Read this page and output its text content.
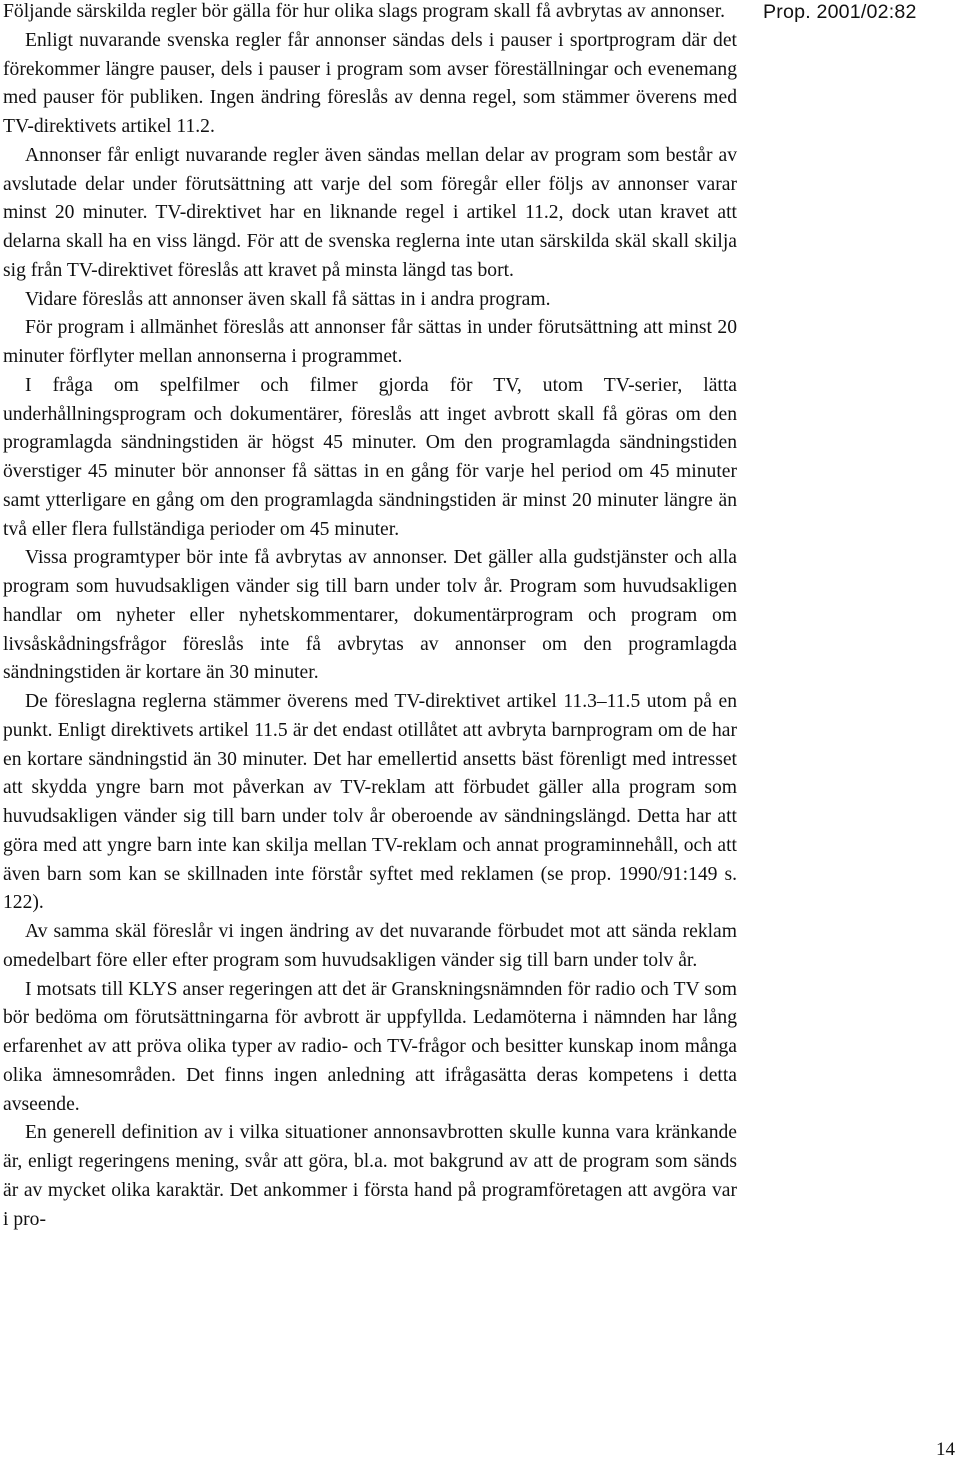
Följande särskilda regler bör gälla för hur olika slags program skall få avbrytas av annonser.

Enligt nuvarande svenska regler får annonser sändas dels i pauser i sportprogram där det förekommer längre pauser, dels i pauser i program som avser föreställningar och evenemang med pauser för publiken. Ingen ändring föreslås av denna regel, som stämmer överens med TV-direktivets artikel 11.2.

Annonser får enligt nuvarande regler även sändas mellan delar av program som består av avslutade delar under förutsättning att varje del som föregår eller följs av annonser varar minst 20 minuter. TV-direktivet har en liknande regel i artikel 11.2, dock utan kravet att delarna skall ha en viss längd. För att de svenska reglerna inte utan särskilda skäl skall skilja sig från TV-direktivet föreslås att kravet på minsta längd tas bort.

Vidare föreslås att annonser även skall få sättas in i andra program.

För program i allmänhet föreslås att annonser får sättas in under förutsättning att minst 20 minuter förflyter mellan annonserna i programmet.

I fråga om spelfilmer och filmer gjorda för TV, utom TV-serier, lätta underhållningsprogram och dokumentärer, föreslås att inget avbrott skall få göras om den programlagda sändningstiden är högst 45 minuter. Om den programlagda sändningstiden överstiger 45 minuter bör annonser få sättas in en gång för varje hel period om 45 minuter samt ytterligare en gång om den programlagda sändningstiden är minst 20 minuter längre än två eller flera fullständiga perioder om 45 minuter.

Vissa programtyper bör inte få avbrytas av annonser. Det gäller alla gudstjänster och alla program som huvudsakligen vänder sig till barn under tolv år. Program som huvudsakligen handlar om nyheter eller nyhetskommentarer, dokumentärprogram och program om livsåskådningsfrågor föreslås inte få avbrytas av annonser om den programlagda sändningstiden är kortare än 30 minuter.

De föreslagna reglerna stämmer överens med TV-direktivet artikel 11.3–11.5 utom på en punkt. Enligt direktivets artikel 11.5 är det endast otillåtet att avbryta barnprogram om de har en kortare sändningstid än 30 minuter. Det har emellertid ansetts bäst förenligt med intresset att skydda yngre barn mot påverkan av TV-reklam att förbudet gäller alla program som huvudsakligen vänder sig till barn under tolv år oberoende av sändningslängd. Detta har att göra med att yngre barn inte kan skilja mellan TV-reklam och annat programinnehåll, och att även barn som kan se skillnaden inte förstår syftet med reklamen (se prop. 1990/91:149 s. 122).

Av samma skäl föreslår vi ingen ändring av det nuvarande förbudet mot att sända reklam omedelbart före eller efter program som huvudsakligen vänder sig till barn under tolv år.

I motsats till KLYS anser regeringen att det är Granskningsnämnden för radio och TV som bör bedöma om förutsättningarna för avbrott är uppfyllda. Ledamöterna i nämnden har lång erfarenhet av att pröva olika typer av radio- och TV-frågor och besitter kunskap inom många olika ämnesområden. Det finns ingen anledning att ifrågasätta deras kompetens i detta avseende.

En generell definition av i vilka situationer annonsavbrotten skulle kunna vara kränkande är, enligt regeringens mening, svår att göra, bl.a. mot bakgrund av att de program som sänds är av mycket olika karaktär. Det ankommer i första hand på programföretagen att avgöra var i pro-

Prop. 2001/02:82
14
